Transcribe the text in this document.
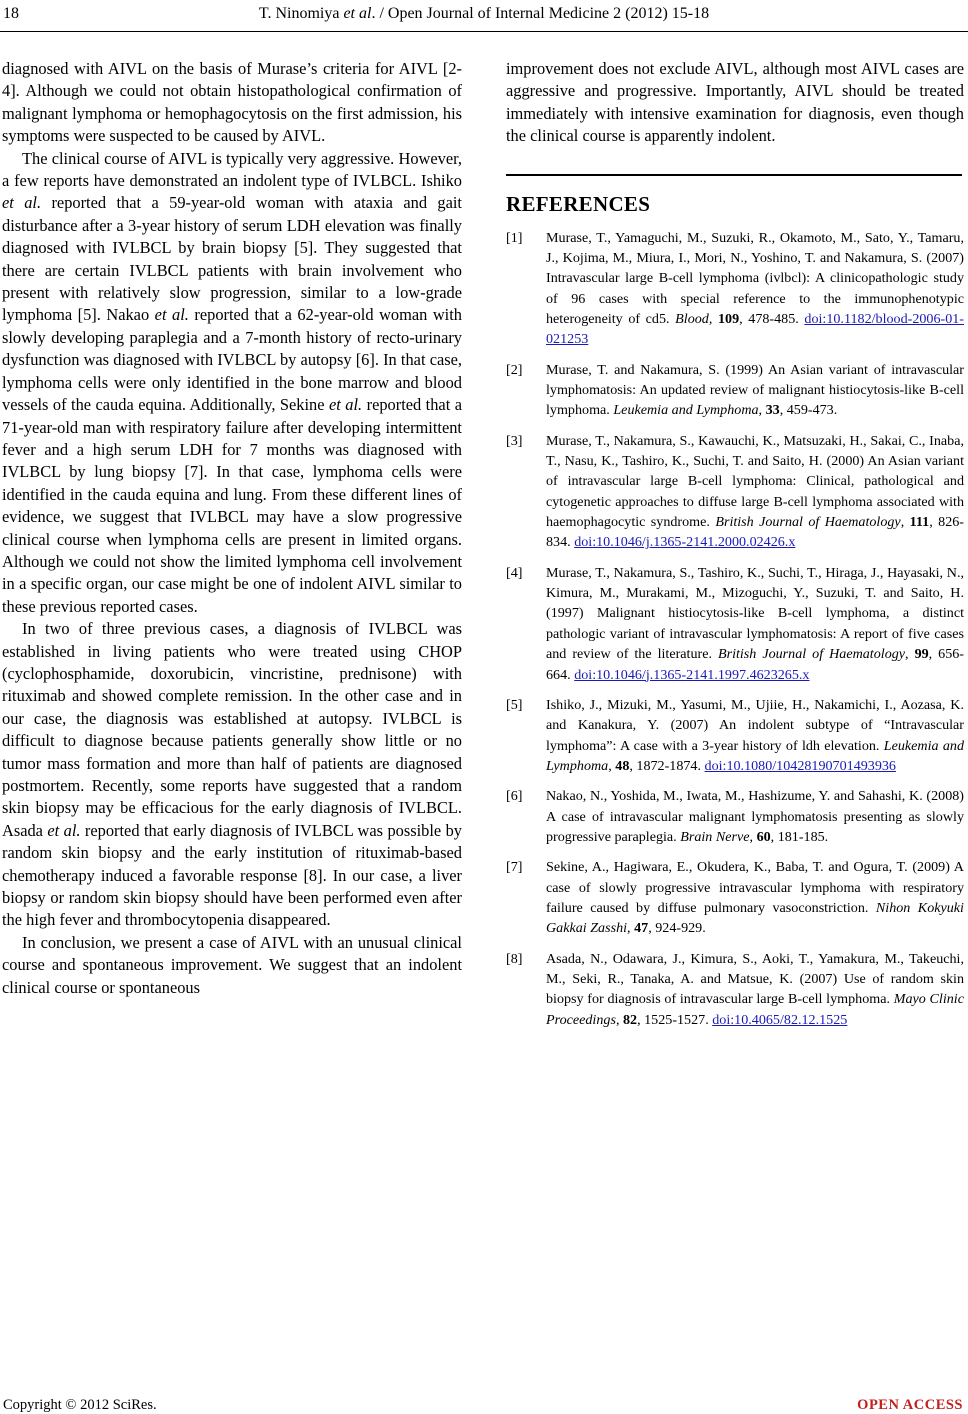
18	T. Ninomiya et al. / Open Journal of Internal Medicine 2 (2012) 15-18

diagnosed with AIVL on the basis of Murase’s criteria for AIVL [2-4]. Although we could not obtain histopathological confirmation of malignant lymphoma or hemophagocytosis on the first admission, his symptoms were suspected to be caused by AIVL.

The clinical course of AIVL is typically very aggressive. However, a few reports have demonstrated an indolent type of IVLBCL. Ishiko et al. reported that a 59-year-old woman with ataxia and gait disturbance after a 3-year history of serum LDH elevation was finally diagnosed with IVLBCL by brain biopsy [5]. They suggested that there are certain IVLBCL patients with brain involvement who present with relatively slow progression, similar to a low-grade lymphoma [5]. Nakao et al. reported that a 62-year-old woman with slowly developing paraplegia and a 7-month history of recto-urinary dysfunction was diagnosed with IVLBCL by autopsy [6]. In that case, lymphoma cells were only identified in the bone marrow and blood vessels of the cauda equina. Additionally, Sekine et al. reported that a 71-year-old man with respiratory failure after developing intermittent fever and a high serum LDH for 7 months was diagnosed with IVLBCL by lung biopsy [7]. In that case, lymphoma cells were identified in the cauda equina and lung. From these different lines of evidence, we suggest that IVLBCL may have a slow progressive clinical course when lymphoma cells are present in limited organs. Although we could not show the limited lymphoma cell involvement in a specific organ, our case might be one of indolent AIVL similar to these previous reported cases.

In two of three previous cases, a diagnosis of IVLBCL was established in living patients who were treated using CHOP (cyclophosphamide, doxorubicin, vincristine, prednisone) with rituximab and showed complete remission. In the other case and in our case, the diagnosis was established at autopsy. IVLBCL is difficult to diagnose because patients generally show little or no tumor mass formation and more than half of patients are diagnosed postmortem. Recently, some reports have suggested that a random skin biopsy may be efficacious for the early diagnosis of IVLBCL. Asada et al. reported that early diagnosis of IVLBCL was possible by random skin biopsy and the early institution of rituximab-based chemotherapy induced a favorable response [8]. In our case, a liver biopsy or random skin biopsy should have been performed even after the high fever and thrombocytopenia disappeared.

In conclusion, we present a case of AIVL with an unusual clinical course and spontaneous improvement. We suggest that an indolent clinical course or spontaneous

improvement does not exclude AIVL, although most AIVL cases are aggressive and progressive. Importantly, AIVL should be treated immediately with intensive examination for diagnosis, even though the clinical course is apparently indolent.

REFERENCES
[1]	Murase, T., Yamaguchi, M., Suzuki, R., Okamoto, M., Sato, Y., Tamaru, J., Kojima, M., Miura, I., Mori, N., Yoshino, T. and Nakamura, S. (2007) Intravascular large B-cell lymphoma (ivlbcl): A clinicopathologic study of 96 cases with special reference to the immunophenotypic heterogeneity of cd5. Blood, 109, 478-485. doi:10.1182/blood-2006-01-021253
[2]	Murase, T. and Nakamura, S. (1999) An Asian variant of intravascular lymphomatosis: An updated review of malignant histiocytosis-like B-cell lymphoma. Leukemia and Lymphoma, 33, 459-473.
[3]	Murase, T., Nakamura, S., Kawauchi, K., Matsuzaki, H., Sakai, C., Inaba, T., Nasu, K., Tashiro, K., Suchi, T. and Saito, H. (2000) An Asian variant of intravascular large B-cell lymphoma: Clinical, pathological and cytogenetic approaches to diffuse large B-cell lymphoma associated with haemophagocytic syndrome. British Journal of Haematology, 111, 826-834. doi:10.1046/j.1365-2141.2000.02426.x
[4]	Murase, T., Nakamura, S., Tashiro, K., Suchi, T., Hiraga, J., Hayasaki, N., Kimura, M., Murakami, M., Mizoguchi, Y., Suzuki, T. and Saito, H. (1997) Malignant histiocytosis-like B-cell lymphoma, a distinct pathologic variant of intravascular lymphomatosis: A report of five cases and review of the literature. British Journal of Haematology, 99, 656-664. doi:10.1046/j.1365-2141.1997.4623265.x
[5]	Ishiko, J., Mizuki, M., Yasumi, M., Ujiie, H., Nakamichi, I., Aozasa, K. and Kanakura, Y. (2007) An indolent subtype of “Intravascular lymphoma”: A case with a 3-year history of ldh elevation. Leukemia and Lymphoma, 48, 1872-1874. doi:10.1080/10428190701493936
[6]	Nakao, N., Yoshida, M., Iwata, M., Hashizume, Y. and Sahashi, K. (2008) A case of intravascular malignant lymphomatosis presenting as slowly progressive paraplegia. Brain Nerve, 60, 181-185.
[7]	Sekine, A., Hagiwara, E., Okudera, K., Baba, T. and Ogura, T. (2009) A case of slowly progressive intravascular lymphoma with respiratory failure caused by diffuse pulmonary vasoconstriction. Nihon Kokyuki Gakkai Zasshi, 47, 924-929.
[8]	Asada, N., Odawara, J., Kimura, S., Aoki, T., Yamakura, M., Takeuchi, M., Seki, R., Tanaka, A. and Matsue, K. (2007) Use of random skin biopsy for diagnosis of intravascular large B-cell lymphoma. Mayo Clinic Proceedings, 82, 1525-1527. doi:10.4065/82.12.1525
Copyright © 2012 SciRes.	OPEN ACCESS
